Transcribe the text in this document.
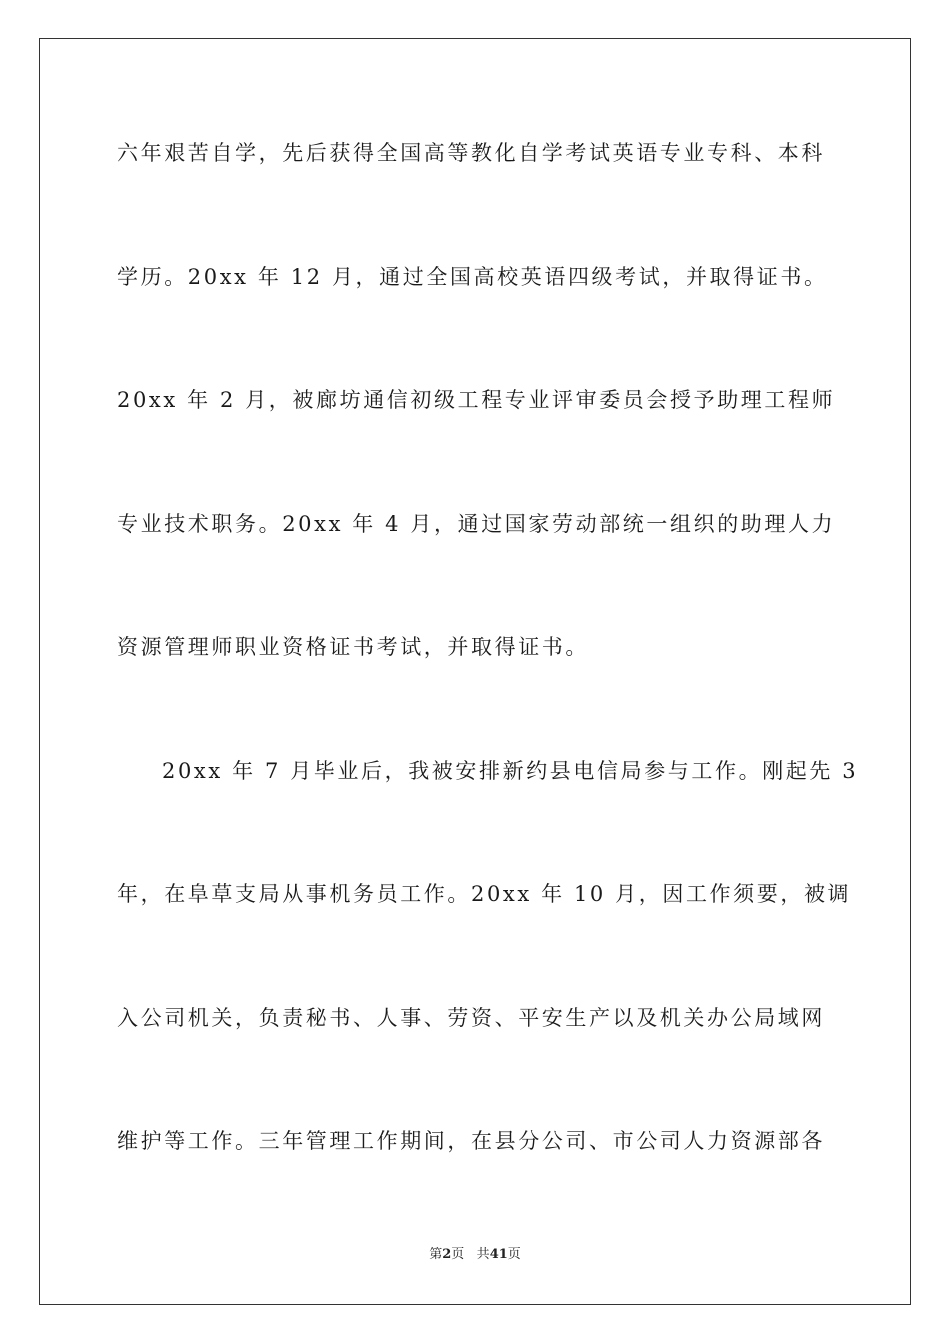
六年艰苦自学，先后获得全国高等教化自学考试英语专业专科、本科
学历。20xx 年 12 月，通过全国高校英语四级考试，并取得证书。
20xx 年 2 月，被廊坊通信初级工程专业评审委员会授予助理工程师
专业技术职务。20xx 年 4 月，通过国家劳动部统一组织的助理人力
资源管理师职业资格证书考试，并取得证书。
20xx 年 7 月毕业后，我被安排新约县电信局参与工作。刚起先 3
年，在阜草支局从事机务员工作。20xx 年 10 月，因工作须要，被调
入公司机关，负责秘书、人事、劳资、平安生产以及机关办公局域网
维护等工作。三年管理工作期间，在县分公司、市公司人力资源部各
第2页 共41页
